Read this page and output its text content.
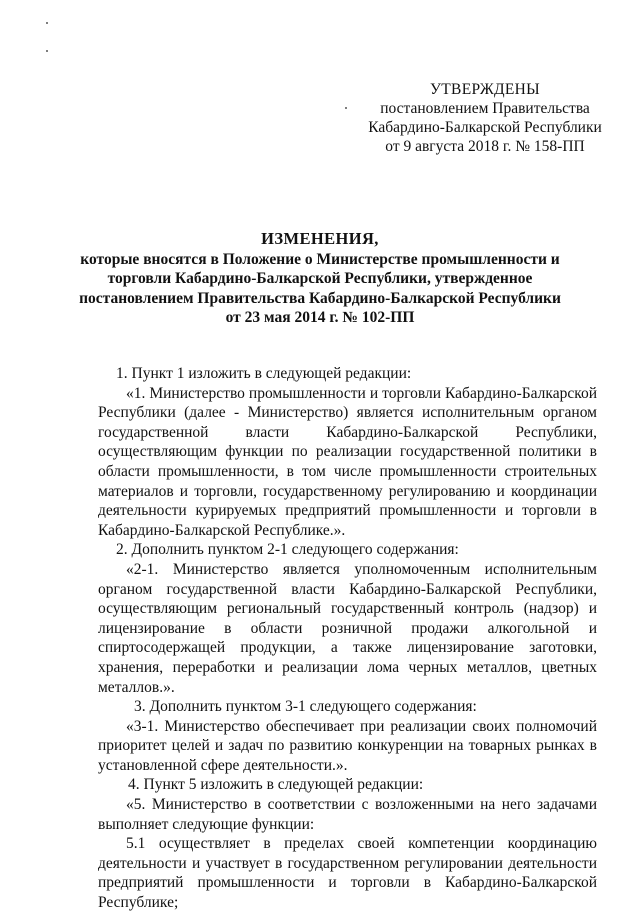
УТВЕРЖДЕНЫ
постановлением Правительства
Кабардино-Балкарской Республики
от 9 августа 2018 г. № 158-ПП
ИЗМЕНЕНИЯ,
которые вносятся в Положение о Министерстве промышленности и
торговли Кабардино-Балкарской Республики, утвержденное
постановлением Правительства Кабардино-Балкарской Республики
от 23 мая 2014 г. № 102-ПП

1. Пункт 1 изложить в следующей редакции:

«1. Министерство промышленности и торговли Кабардино-Балкарской Республики (далее - Министерство) является исполнительным органом государственной власти Кабардино-Балкарской Республики, осуществляющим функции по реализации государственной политики в области промышленности, в том числе промышленности строительных материалов и торговли, государственному регулированию и координации деятельности курируемых предприятий промышленности и торговли в Кабардино-Балкарской Республике.».

2. Дополнить пунктом 2-1 следующего содержания:

«2-1. Министерство является уполномоченным исполнительным органом государственной власти Кабардино-Балкарской Республики, осуществляющим региональный государственный контроль (надзор) и лицензирование в области розничной продажи алкогольной и спиртосодержащей продукции, а также лицензирование заготовки, хранения, переработки и реализации лома черных металлов, цветных металлов.».

3. Дополнить пунктом 3-1 следующего содержания:

«3-1. Министерство обеспечивает при реализации своих полномочий приоритет целей и задач по развитию конкуренции на товарных рынках в установленной сфере деятельности.».

4. Пункт 5 изложить в следующей редакции:

«5. Министерство в соответствии с возложенными на него задачами выполняет следующие функции:

5.1 осуществляет в пределах своей компетенции координацию деятельности и участвует в государственном регулировании деятельности предприятий промышленности и торговли в Кабардино-Балкарской Республике;
